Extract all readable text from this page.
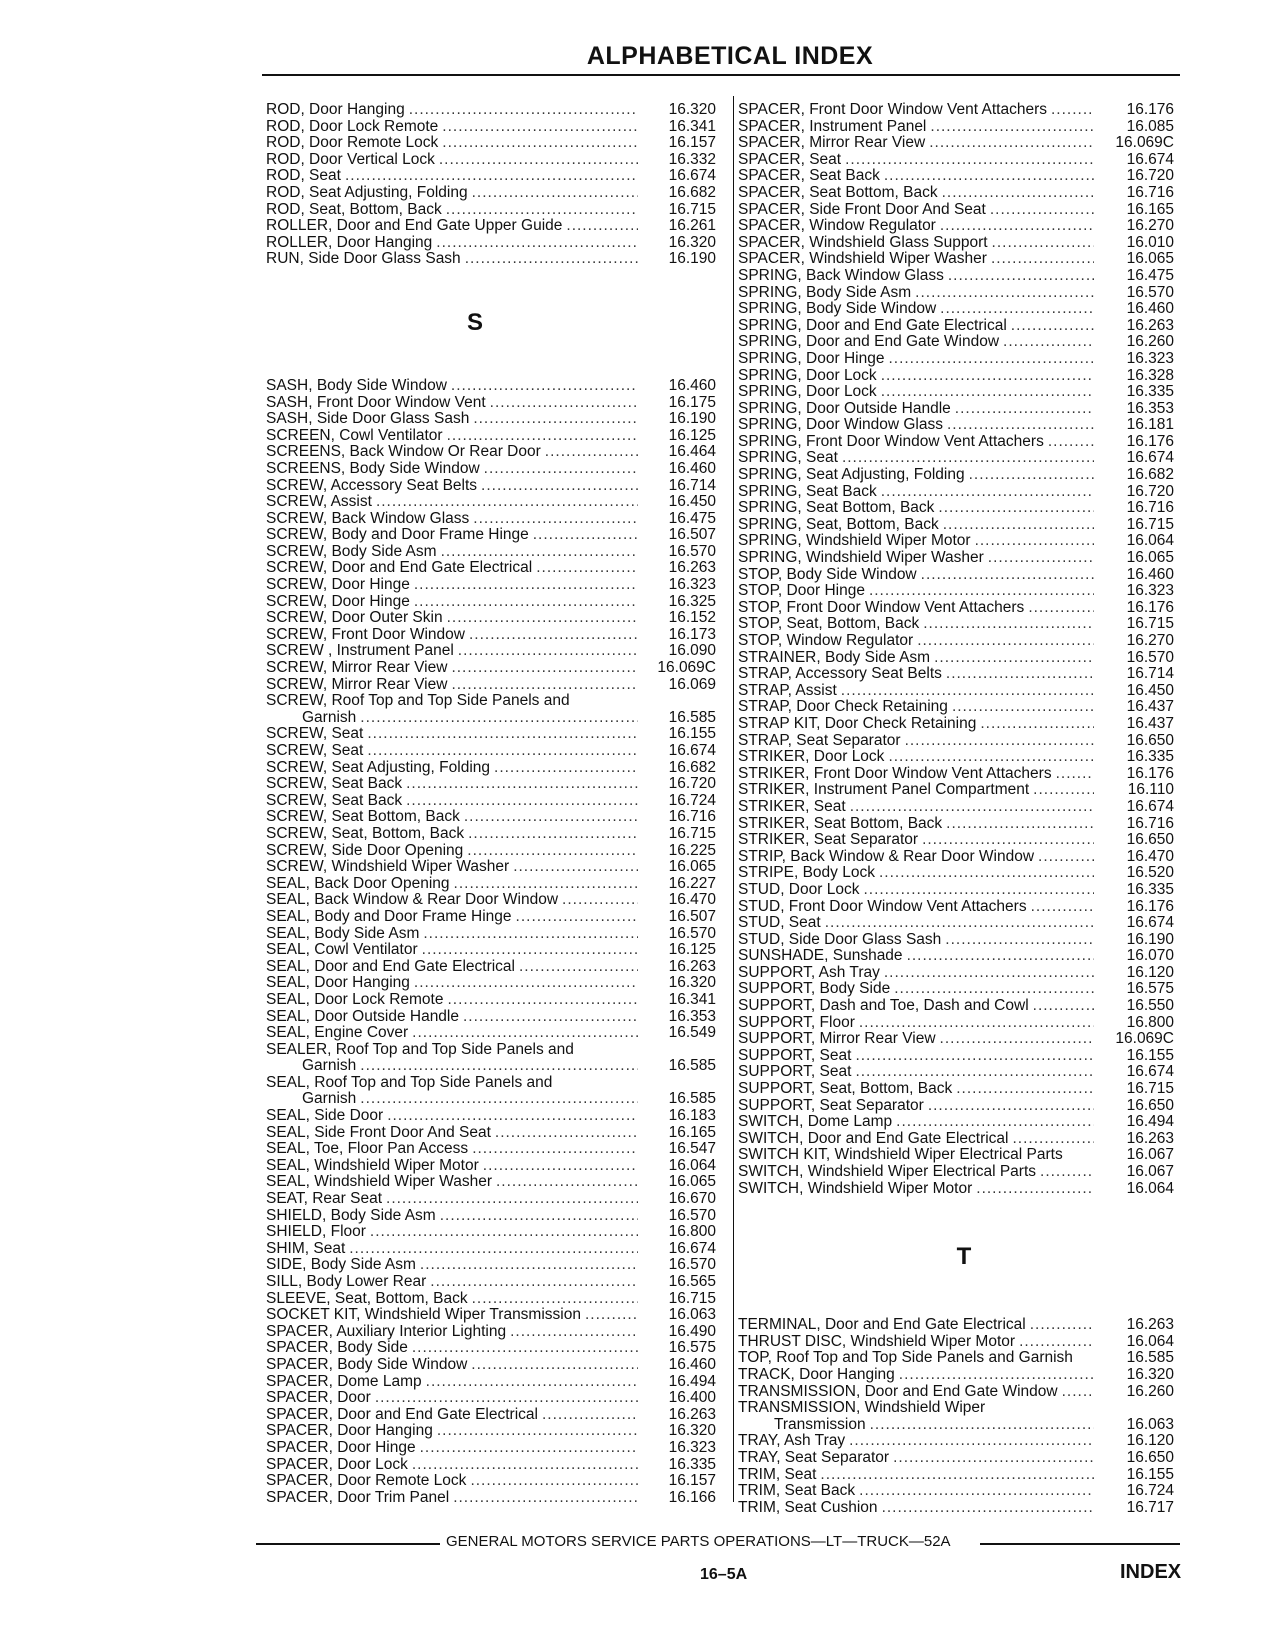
ALPHABETICAL INDEX
ROD, Door Hanging .....	16.320
ROD, Door Lock Remote .....	16.341
ROD, Door Remote Lock .....	16.157
ROD, Door Vertical Lock .....	16.332
ROD, Seat .....	16.674
ROD, Seat Adjusting, Folding .....	16.682
ROD, Seat, Bottom, Back .....	16.715
ROLLER, Door and End Gate Upper Guide .....	16.261
ROLLER, Door Hanging .....	16.320
RUN, Side Door Glass Sash .....	16.190
S
SASH, Body Side Window .....	16.460
SASH, Front Door Window Vent .....	16.175
SASH, Side Door Glass Sash .....	16.190
SCREEN, Cowl Ventilator .....	16.125
SCREENS, Back Window Or Rear Door .....	16.464
SCREENS, Body Side Window .....	16.460
SCREW, Accessory Seat Belts .....	16.714
SCREW, Assist .....	16.450
SCREW, Back Window Glass .....	16.475
SCREW, Body and Door Frame Hinge .....	16.507
SCREW, Body Side Asm .....	16.570
SCREW, Door and End Gate Electrical .....	16.263
SCREW, Door Hinge .....	16.323
SCREW, Door Hinge .....	16.325
SCREW, Door Outer Skin .....	16.152
SCREW, Front Door Window .....	16.173
SCREW , Instrument Panel .....	16.090
SCREW, Mirror Rear View .....	16.069C
SCREW, Mirror Rear View .....	16.069
SCREW, Roof Top and Top Side Panels and
Garnish .....	16.585
SCREW, Seat .....	16.155
SCREW, Seat .....	16.674
SCREW, Seat Adjusting, Folding .....	16.682
SCREW, Seat Back .....	16.720
SCREW, Seat Back .....	16.724
SCREW, Seat Bottom, Back .....	16.716
SCREW, Seat, Bottom, Back .....	16.715
SCREW, Side Door Opening .....	16.225
SCREW, Windshield Wiper Washer .....	16.065
SEAL, Back Door Opening .....	16.227
SEAL, Back Window & Rear Door Window .....	16.470
SEAL, Body and Door Frame Hinge .....	16.507
SEAL, Body Side Asm .....	16.570
SEAL, Cowl Ventilator .....	16.125
SEAL, Door and End Gate Electrical .....	16.263
SEAL, Door Hanging .....	16.320
SEAL, Door Lock Remote .....	16.341
SEAL, Door Outside Handle .....	16.353
SEAL, Engine Cover .....	16.549
SEALER, Roof Top and Top Side Panels and
Garnish .....	16.585
SEAL, Roof Top and Top Side Panels and
Garnish .....	16.585
SEAL, Side Door .....	16.183
SEAL, Side Front Door And Seat .....	16.165
SEAL, Toe, Floor Pan Access .....	16.547
SEAL, Windshield Wiper Motor .....	16.064
SEAL, Windshield Wiper Washer .....	16.065
SEAT, Rear Seat .....	16.670
SHIELD, Body Side Asm .....	16.570
SHIELD, Floor .....	16.800
SHIM, Seat .....	16.674
SIDE, Body Side Asm .....	16.570
SILL, Body Lower Rear .....	16.565
SLEEVE, Seat, Bottom, Back .....	16.715
SOCKET KIT, Windshield Wiper Transmission .....	16.063
SPACER, Auxiliary Interior Lighting .....	16.490
SPACER, Body Side .....	16.575
SPACER, Body Side Window .....	16.460
SPACER, Dome Lamp .....	16.494
SPACER, Door .....	16.400
SPACER, Door and End Gate Electrical .....	16.263
SPACER, Door Hanging .....	16.320
SPACER, Door Hinge .....	16.323
SPACER, Door Lock .....	16.335
SPACER, Door Remote Lock .....	16.157
SPACER, Door Trim Panel .....	16.166
SPACER, Front Door Window Vent Attachers .....	16.176
SPACER, Instrument Panel .....	16.085
SPACER, Mirror Rear View .....	16.069C
SPACER, Seat .....	16.674
SPACER, Seat Back .....	16.720
SPACER, Seat Bottom, Back .....	16.716
SPACER, Side Front Door And Seat .....	16.165
SPACER, Window Regulator .....	16.270
SPACER, Windshield Glass Support .....	16.010
SPACER, Windshield Wiper Washer .....	16.065
SPRING, Back Window Glass .....	16.475
SPRING, Body Side Asm .....	16.570
SPRING, Body Side Window .....	16.460
SPRING, Door and End Gate Electrical .....	16.263
SPRING, Door and End Gate Window .....	16.260
SPRING, Door Hinge .....	16.323
SPRING, Door Lock .....	16.328
SPRING, Door Lock .....	16.335
SPRING, Door Outside Handle .....	16.353
SPRING, Door Window Glass .....	16.181
SPRING, Front Door Window Vent Attachers .....	16.176
SPRING, Seat .....	16.674
SPRING, Seat Adjusting, Folding .....	16.682
SPRING, Seat Back .....	16.720
SPRING, Seat Bottom, Back .....	16.716
SPRING, Seat, Bottom, Back .....	16.715
SPRING, Windshield Wiper Motor .....	16.064
SPRING, Windshield Wiper Washer .....	16.065
STOP, Body Side Window .....	16.460
STOP, Door Hinge .....	16.323
STOP, Front Door Window Vent Attachers .....	16.176
STOP, Seat, Bottom, Back .....	16.715
STOP, Window Regulator .....	16.270
STRAINER, Body Side Asm .....	16.570
STRAP, Accessory Seat Belts .....	16.714
STRAP, Assist .....	16.450
STRAP, Door Check Retaining .....	16.437
STRAP KIT, Door Check Retaining .....	16.437
STRAP, Seat Separator .....	16.650
STRIKER, Door Lock .....	16.335
STRIKER, Front Door Window Vent Attachers .....	16.176
STRIKER, Instrument Panel Compartment .....	16.110
STRIKER, Seat .....	16.674
STRIKER, Seat Bottom, Back .....	16.716
STRIKER, Seat Separator .....	16.650
STRIP, Back Window & Rear Door Window .....	16.470
STRIPE, Body Lock .....	16.520
STUD, Door Lock .....	16.335
STUD, Front Door Window Vent Attachers .....	16.176
STUD, Seat .....	16.674
STUD, Side Door Glass Sash .....	16.190
SUNSHADE, Sunshade .....	16.070
SUPPORT, Ash Tray .....	16.120
SUPPORT, Body Side .....	16.575
SUPPORT, Dash and Toe, Dash and Cowl .....	16.550
SUPPORT, Floor .....	16.800
SUPPORT, Mirror Rear View .....	16.069C
SUPPORT, Seat .....	16.155
SUPPORT, Seat .....	16.674
SUPPORT, Seat, Bottom, Back .....	16.715
SUPPORT, Seat Separator .....	16.650
SWITCH, Dome Lamp .....	16.494
SWITCH, Door and End Gate Electrical .....	16.263
SWITCH KIT, Windshield Wiper Electrical Parts	16.067
SWITCH, Windshield Wiper Electrical Parts .....	16.067
SWITCH, Windshield Wiper Motor .....	16.064
T
TERMINAL, Door and End Gate Electrical .....	16.263
THRUST DISC, Windshield Wiper Motor .....	16.064
TOP, Roof Top and Top Side Panels and Garnish	16.585
TRACK, Door Hanging .....	16.320
TRANSMISSION, Door and End Gate Window .....	16.260
TRANSMISSION, Windshield Wiper
Transmission .....	16.063
TRAY, Ash Tray .....	16.120
TRAY, Seat Separator .....	16.650
TRIM, Seat .....	16.155
TRIM, Seat Back .....	16.724
TRIM, Seat Cushion .....	16.717
GENERAL MOTORS SERVICE PARTS OPERATIONS—LT—TRUCK—52A
16–5A	INDEX
